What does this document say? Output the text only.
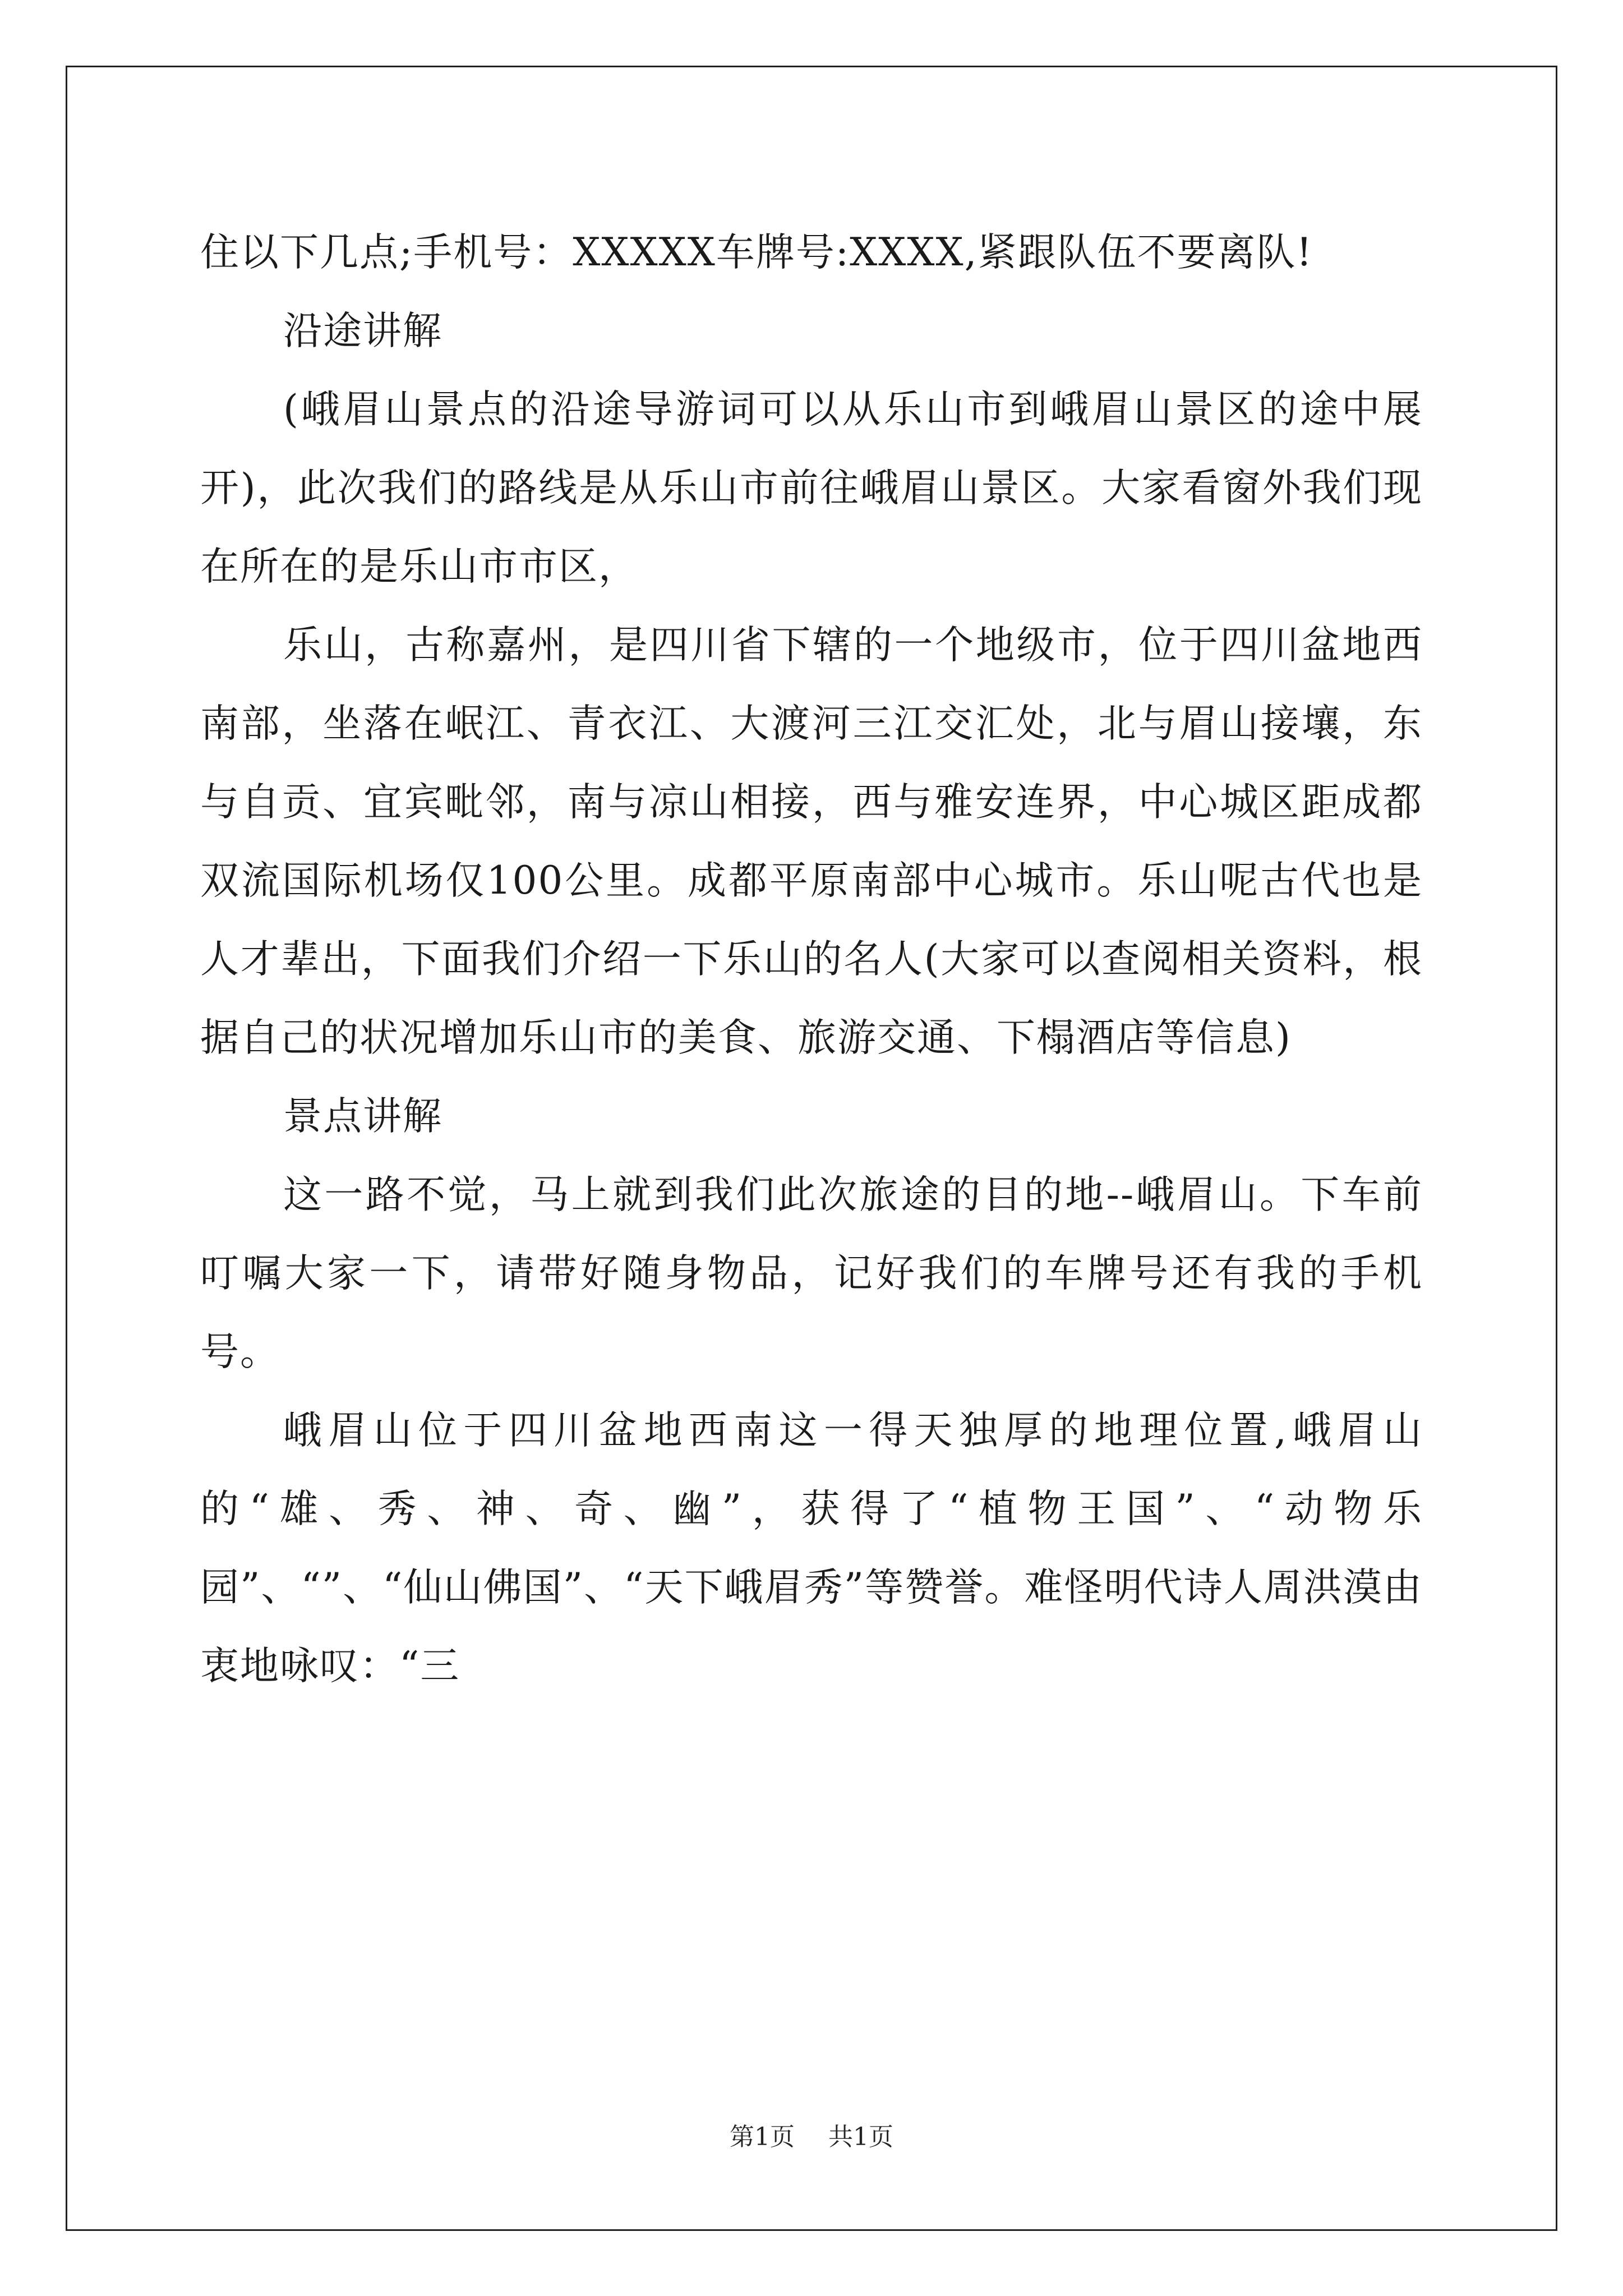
住以下几点;手机号：XXXXX车牌号:XXXX,紧跟队伍不要离队!

沿途讲解

(峨眉山景点的沿途导游词可以从乐山市到峨眉山景区的途中展开)，此次我们的路线是从乐山市前往峨眉山景区。大家看窗外我们现在所在的是乐山市市区，

乐山，古称嘉州，是四川省下辖的一个地级市，位于四川盆地西南部，坐落在岷江、青衣江、大渡河三江交汇处，北与眉山接壤，东与自贡、宜宾毗邻，南与凉山相接，西与雅安连界，中心城区距成都双流国际机场仅100公里。成都平原南部中心城市。乐山呢古代也是人才辈出，下面我们介绍一下乐山的名人(大家可以查阅相关资料，根据自己的状况增加乐山市的美食、旅游交通、下榻酒店等信息)

景点讲解

这一路不觉，马上就到我们此次旅途的目的地--峨眉山。下车前叮嘱大家一下，请带好随身物品，记好我们的车牌号还有我的手机号。

峨眉山位于四川盆地西南这一得天独厚的地理位置,峨眉山的“雄、秀、神、奇、幽”，获得了“植物王国”、“动物乐园”、“”、“仙山佛国”、“天下峨眉秀”等赞誉。难怪明代诗人周洪漠由衷地咏叹：“三

第1页 共1页
